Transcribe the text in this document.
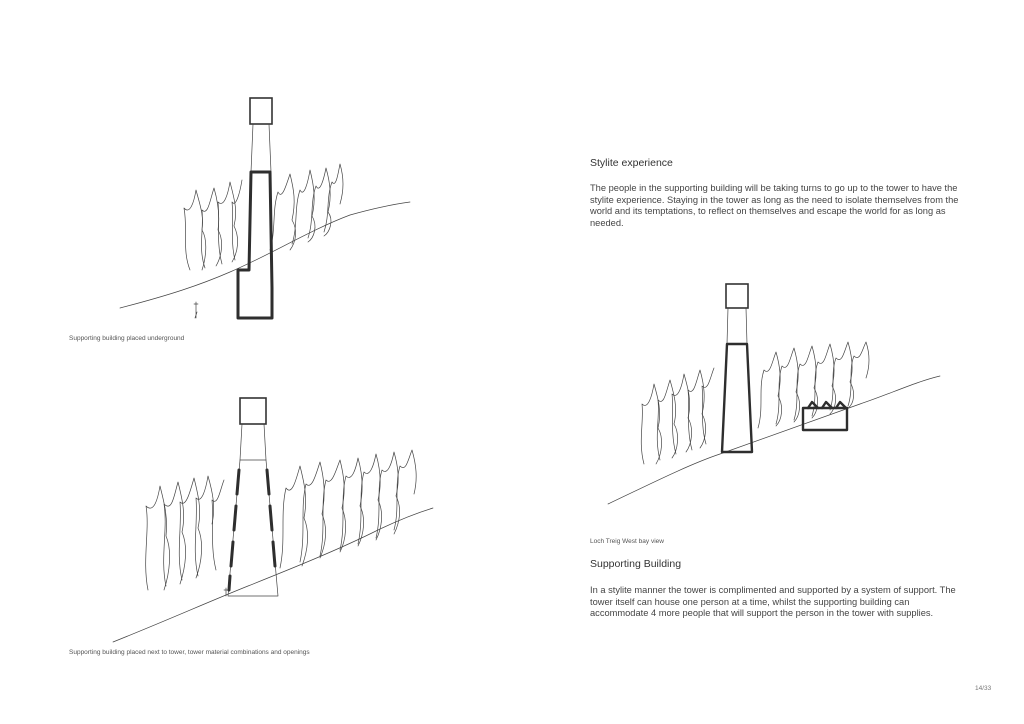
Supporting building placed underground
Supporting building placed next to tower, tower material combinations and openings
Loch Treig West bay view
Stylite experience
The people in the supporting building will be taking turns to go up to the tower to have the stylite experience. Staying in the tower as long as the need to isolate themselves from the world and its temptations, to reflect on themselves and escape the world for as long as needed.
Supporting Building
In a stylite manner the tower is complimented and supported by a system of support. The tower itself can house one person at a time, whilst the supporting building can accommodate 4 more people that will support the person in the tower with supplies.
14/33
